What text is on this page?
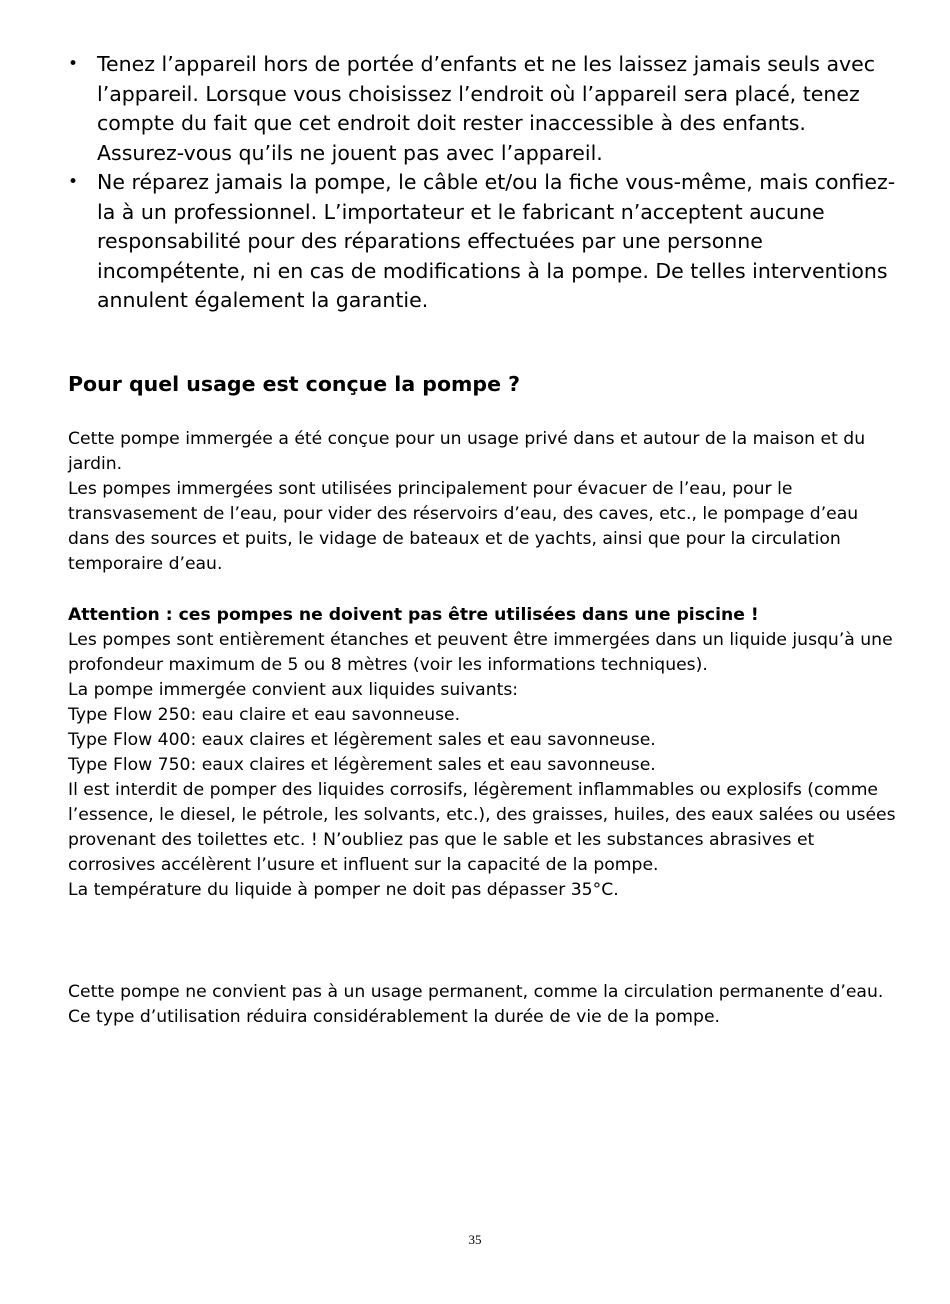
• Tenez l’appareil hors de portée d’enfants et ne les laissez jamais seuls avec l’appareil. Lorsque vous choisissez l’endroit où l’appareil sera placé, tenez compte du fait que cet endroit doit rester inaccessible à des enfants. Assurez-vous qu’ils ne jouent pas avec l’appareil.
• Ne réparez jamais la pompe, le câble et/ou la fiche vous-même, mais confiez-la à un professionnel. L’importateur et le fabricant n’acceptent aucune responsabilité pour des réparations effectuées par une personne incompétente, ni en cas de modifications à la pompe. De telles interventions annulent également la garantie.
Pour quel usage est conçue la pompe ?

Cette pompe immergée a été conçue pour un usage privé dans et autour de la maison et du jardin.

Les pompes immergées sont utilisées principalement pour évacuer de l’eau, pour le transvasement de l’eau, pour vider des réservoirs d’eau, des caves, etc., le pompage d’eau dans des sources et puits, le vidage de bateaux et de yachts, ainsi que pour la circulation temporaire d’eau.

Attention : ces pompes ne doivent pas être utilisées dans une piscine !

Les pompes sont entièrement étanches et peuvent être immergées dans un liquide jusqu’à une profondeur maximum de 5 ou 8 mètres (voir les informations techniques).

La pompe immergée convient aux liquides suivants:

Type Flow 250: eau claire et eau savonneuse.

Type Flow 400: eaux claires et légèrement sales et eau savonneuse.

Type Flow 750: eaux claires et légèrement sales et eau savonneuse.

Il est interdit de pomper des liquides corrosifs, légèrement inflammables ou explosifs (comme l’essence, le diesel, le pétrole, les solvants, etc.), des graisses, huiles, des eaux salées ou usées provenant des toilettes etc. ! N’oubliez pas que le sable et les substances abrasives et corrosives accélèrent l’usure et influent sur la capacité de la pompe.

La température du liquide à pomper ne doit pas dépasser 35°C.

Cette pompe ne convient pas à un usage permanent, comme la circulation permanente d’eau. Ce type d’utilisation réduira considérablement la durée de vie de la pompe.

35
